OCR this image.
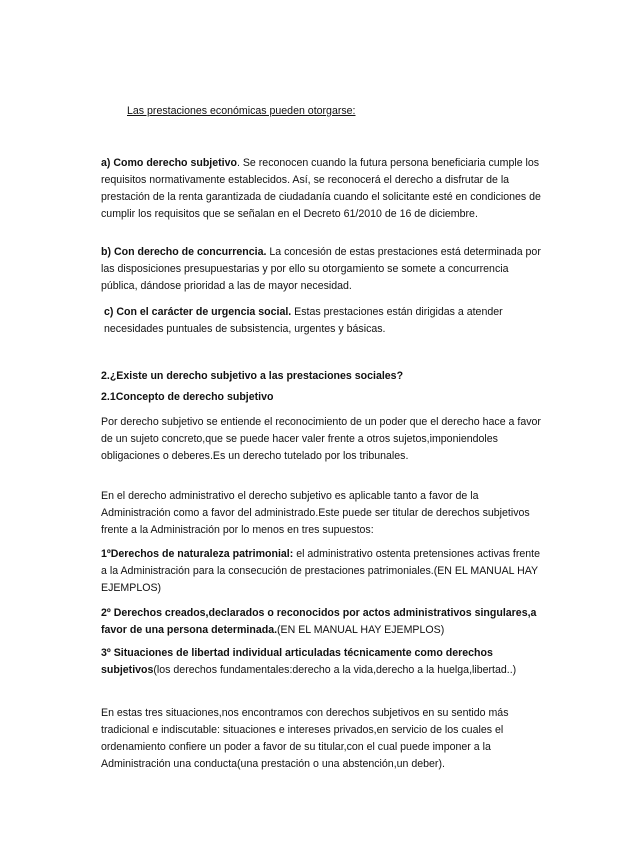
Las prestaciones económicas pueden otorgarse:

a) Como derecho subjetivo. Se reconocen cuando la futura persona beneficiaria cumple los requisitos normativamente establecidos. Así, se reconocerá el derecho a disfrutar de la prestación de la renta garantizada de ciudadanía cuando el solicitante esté en condiciones de cumplir los requisitos que se señalan en el Decreto 61/2010 de 16 de diciembre.

b) Con derecho de concurrencia. La concesión de estas prestaciones está determinada por las disposiciones presupuestarias y por ello su otorgamiento se somete a concurrencia pública, dándose prioridad a las de mayor necesidad.

c) Con el carácter de urgencia social. Estas prestaciones están dirigidas a atender necesidades puntuales de subsistencia, urgentes y básicas.

2.¿Existe un derecho subjetivo a las prestaciones sociales?

2.1Concepto de derecho subjetivo

Por derecho subjetivo se entiende el reconocimiento de un poder que el derecho hace a favor de un sujeto concreto,que se puede hacer valer frente a otros sujetos,imponiendoles obligaciones o deberes.Es un derecho tutelado por los tribunales.

En el derecho administrativo el derecho subjetivo es aplicable tanto a favor de la Administración como a favor del administrado.Este puede ser titular de derechos subjetivos frente a la Administración por lo menos en tres supuestos:

1ºDerechos de naturaleza patrimonial: el administrativo ostenta pretensiones activas frente a la Administración para la consecución de prestaciones patrimoniales.(EN EL MANUAL HAY EJEMPLOS)

2º Derechos creados,declarados o reconocidos por actos administrativos singulares,a favor de una persona determinada.(EN EL MANUAL HAY EJEMPLOS)

3º Situaciones de libertad individual articuladas técnicamente como derechos subjetivos(los derechos fundamentales:derecho a la vida,derecho a la huelga,libertad..)

En estas tres situaciones,nos encontramos con derechos subjetivos en su sentido más tradicional e indiscutable: situaciones e intereses privados,en servicio de los cuales el ordenamiento confiere un poder a favor de su titular,con el cual puede imponer a la Administración una conducta(una prestación o una abstención,un deber).
